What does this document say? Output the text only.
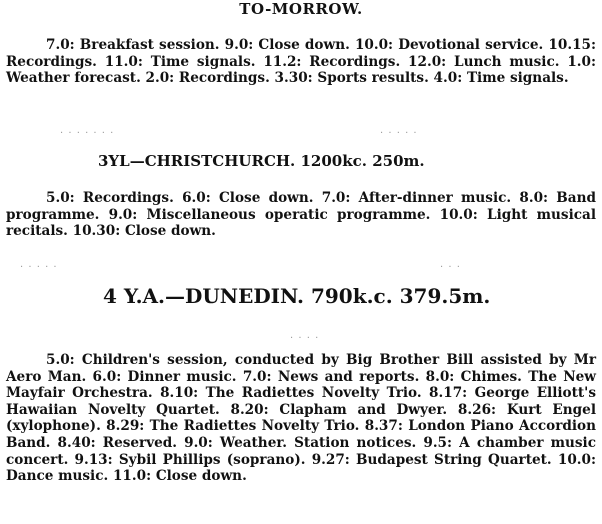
TO-MORROW.

7.0: Breakfast session. 9.0: Close down. 10.0: Devotional service. 10.15: Recordings. 11.0: Time signals. 11.2: Recordings. 12.0: Lunch music. 1.0: Weather forecast. 2.0: Recordings. 3.30: Sports results. 4.0: Time signals.

· · · · · · ·	· · · · ·
3YL—CHRISTCHURCH. 1200kc. 250m.

5.0: Recordings. 6.0: Close down. 7.0: After-dinner music. 8.0: Band programme. 9.0: Miscellaneous operatic programme. 10.0: Light musical recitals. 10.30: Close down.

· · · · ·	· · ·
4 Y.A.—DUNEDIN. 790k.c. 379.5m.
· · · ·

5.0: Children's session, conducted by Big Brother Bill assisted by Mr Aero Man. 6.0: Dinner music. 7.0: News and reports. 8.0: Chimes. The New Mayfair Orchestra. 8.10: The Radiettes Novelty Trio. 8.17: George Elliott's Hawaiian Novelty Quartet. 8.20: Clapham and Dwyer. 8.26: Kurt Engel (xylophone). 8.29: The Radiettes Novelty Trio. 8.37: London Piano Accordion Band. 8.40: Reserved. 9.0: Weather. Station notices. 9.5: A chamber music concert. 9.13: Sybil Phillips (soprano). 9.27: Budapest String Quartet. 10.0: Dance music. 11.0: Close down.
